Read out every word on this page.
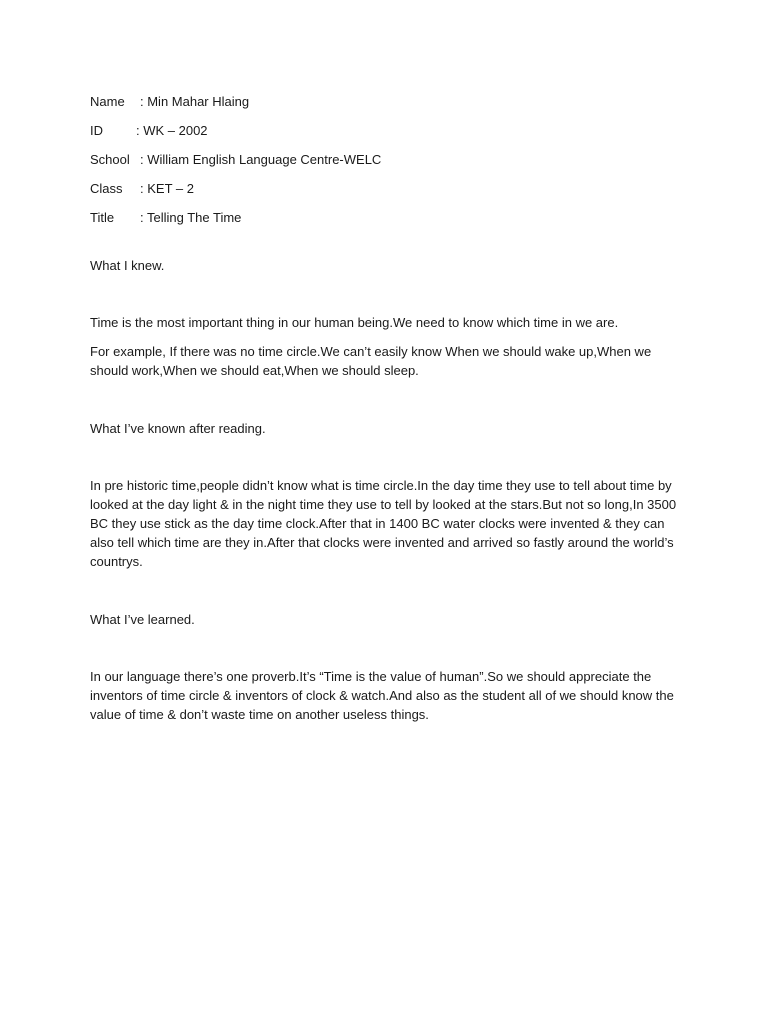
Name	: Min Mahar Hlaing
ID	: WK – 2002
School : William English Language Centre-WELC
Class	: KET – 2
Title	: Telling The Time

What I knew.

Time is the most important thing in our human being.We need to know which time in we are.

For example, If there was no time circle.We can’t easily know When we should wake up,When we should work,When we should eat,When we should sleep.

What I’ve known after reading.

In pre historic time,people didn’t know what is time circle.In the day time they use to tell about time by looked at the day light & in the night time they use to tell by looked at the stars.But not so long,In 3500 BC they use stick as the day time clock.After that in 1400 BC water clocks were invented & they can also tell which time are they in.After that clocks were invented and arrived so fastly around the world’s countrys.

What I’ve learned.

In our language there’s one proverb.It’s “Time is the value of human”.So we should appreciate the inventors of time circle & inventors of clock & watch.And also as the student all of we should know the value of time & don’t waste time on another useless things.
